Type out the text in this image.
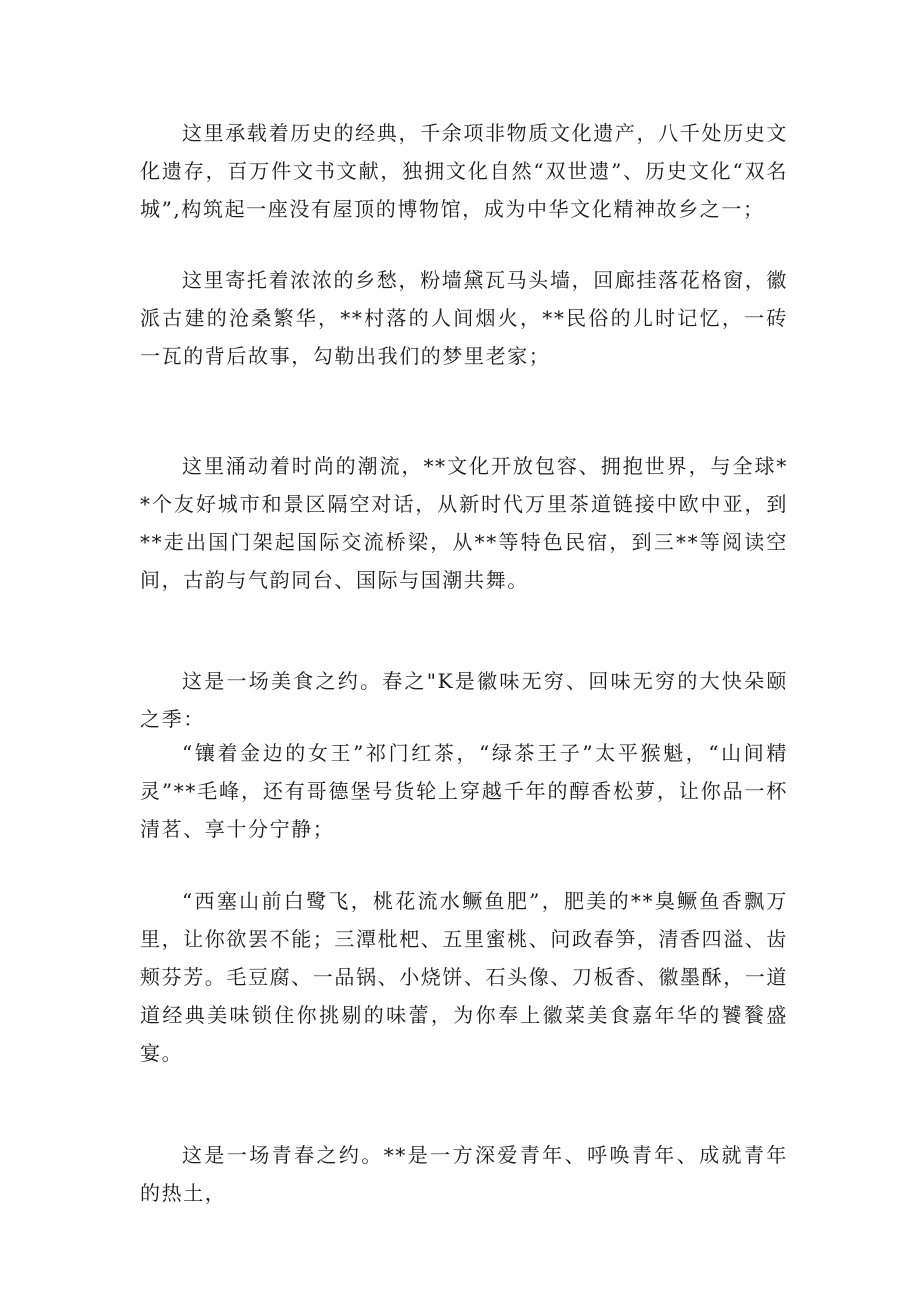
这里承载着历史的经典，千余项非物质文化遗产，八千处历史文化遗存，百万件文书文献，独拥文化自然“双世遗”、历史文化“双名城”,构筑起一座没有屋顶的博物馆，成为中华文化精神故乡之一；

这里寄托着浓浓的乡愁，粉墙黛瓦马头墙，回廊挂落花格窗，徽派古建的沧桑繁华，**村落的人间烟火，**民俗的儿时记忆，一砖一瓦的背后故事，勾勒出我们的梦里老家；

这里涌动着时尚的潮流，**文化开放包容、拥抱世界，与全球**个友好城市和景区隔空对话，从新时代万里茶道链接中欧中亚，到**走出国门架起国际交流桥梁，从**等特色民宿，到三**等阅读空间，古韵与气韵同台、国际与国潮共舞。

这是一场美食之约。春之"K是徽味无穷、回味无穷的大快朵颐之季：

“镶着金边的女王”祁门红茶，“绿茶王子”太平猴魁，“山间精灵”**毛峰，还有哥德堡号货轮上穿越千年的醇香松萝，让你品一杯清茗、享十分宁静；

“西塞山前白鹭飞，桃花流水鳜鱼肥”，肥美的**臭鳜鱼香飘万里，让你欲罢不能；三潭枇杷、五里蜜桃、问政春笋，清香四溢、齿颊芬芳。毛豆腐、一品锅、小烧饼、石头像、刀板香、徽墨酥，一道道经典美味锁住你挑剔的味蕾，为你奉上徽菜美食嘉年华的饕餮盛宴。

这是一场青春之约。**是一方深爱青年、呼唤青年、成就青年的热土，
